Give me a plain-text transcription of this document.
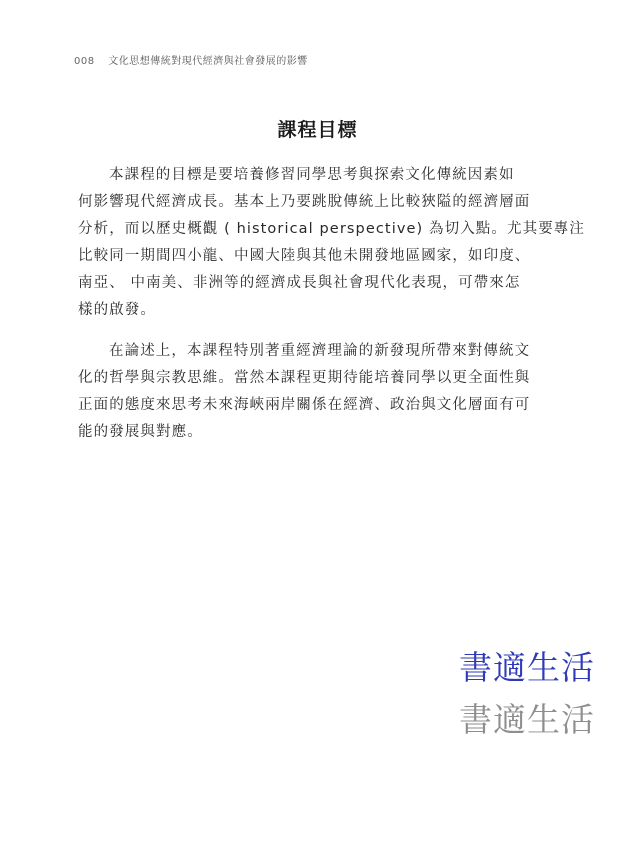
008 文化思想傳統對現代經濟與社會發展的影響
課程目標

本課程的目標是要培養修習同學思考與探索文化傳統因素如
何影響現代經濟成長。基本上乃要跳脫傳統上比較狹隘的經濟層面
分析，而以歷史概觀 ( historical perspective) 為切入點。尤其要專注
比較同一期間四小龍、中國大陸與其他未開發地區國家，如印度、
南亞、 中南美、非洲等的經濟成長與社會現代化表現，可帶來怎
樣的啟發。

在論述上，本課程特別著重經濟理論的新發現所帶來對傳統文
化的哲學與宗教思維。當然本課程更期待能培養同學以更全面性與
正面的態度來思考未來海峽兩岸關係在經濟、政治與文化層面有可
能的發展與對應。

書適生活
書適生活
